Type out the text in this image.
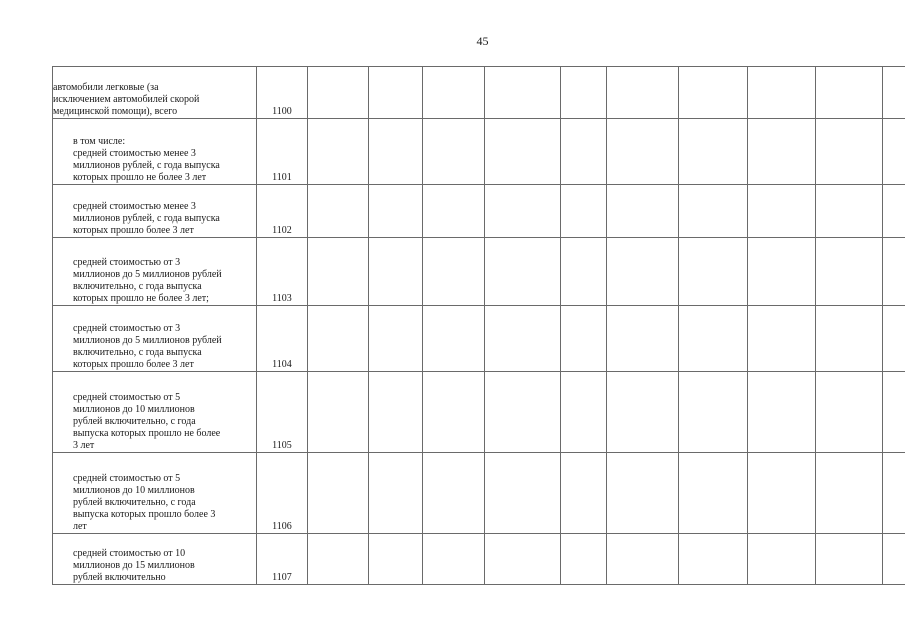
45
автомобили легковые (за
исключением автомобилей скорой
медицинской помощи), всего	1100										
в том числе:
средней стоимостью менее 3
миллионов рублей, с года выпуска
которых прошло не более 3 лет	1101										
средней стоимостью менее 3
миллионов рублей, с года выпуска
которых прошло более 3 лет	1102										
средней стоимостью от 3
миллионов до 5 миллионов рублей
включительно, с года выпуска
которых прошло не более 3 лет;	1103										
средней стоимостью от 3
миллионов до 5 миллионов рублей
включительно, с года выпуска
которых прошло более 3 лет	1104										
средней стоимостью от 5
миллионов до 10 миллионов
рублей включительно, с года
выпуска которых прошло не более
3 лет	1105										
средней стоимостью от 5
миллионов до 10 миллионов
рублей включительно, с года
выпуска которых прошло более 3
лет	1106										
средней стоимостью от 10
миллионов до 15 миллионов
рублей включительно	1107										
